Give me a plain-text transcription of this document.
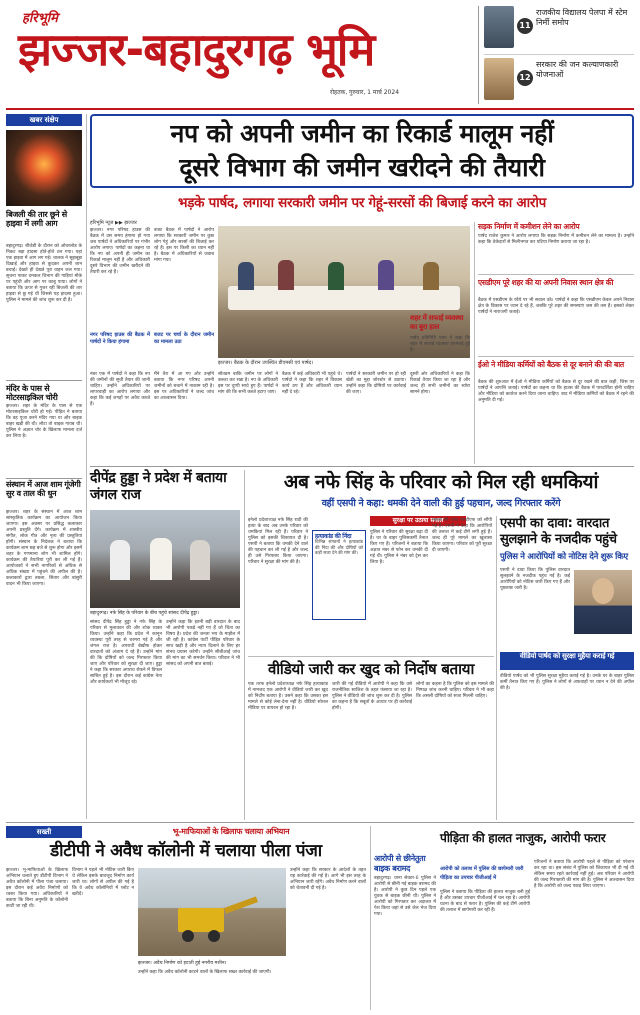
हरिभूमि
झज्जर-बहादुरगढ़ भूमि
रोहतक, गुरुवार, 1 मार्च 2024
11
राजकीय विद्यालय पेलपा में स्टेम निर्मी समोप
12
सरकार की जन कल्याणकारी योजनाओं
खबर संक्षेप
बिजली की तार छूने से हाइवा में लगी आग
बहादुरगढ़। बीजेडी के दौरान को ओवरलोड के निकट बड़ा हादसा होते-होते टल गया। यहां एक हाइवा में आग लग गई। चालक ने सूझबूझ दिखाई और हाइवा से कूदकर अपनी जान बचाई। देखते ही देखते पूरा वाहन जल गया। सूचना पाकर दमकल विभाग की गाड़ियां मौके पर पहुंची और आग पर काबू पाया। लोगों ने बताया कि ऊपर से गुजर रही बिजली की तार हाइवा से छू गई थी जिससे यह हादसा हुआ। पुलिस ने मामले की जांच शुरू कर दी है।
मंदिर के पास से मोटरसाइकिल चोरी
झज्जर। शहर के मंदिर के पास से एक मोटरसाइकिल चोरी हो गई। पीड़ित ने बताया कि वह पूजा करने मंदिर गया था और बाइक बाहर खड़ी की थी। लौटा तो बाइक गायब थी। पुलिस ने अज्ञात चोर के खिलाफ मामला दर्ज कर लिया है।
संस्थान में आज शाम गूंजेगी सुर व ताल की धुन
झज्जर। शहर के संस्थान में आज शाम सांस्कृतिक कार्यक्रम का आयोजन किया जाएगा। इस अवसर पर प्रसिद्ध कलाकार अपनी प्रस्तुति देंगे। कार्यक्रम में शास्त्रीय संगीत, लोक गीत और नृत्य की प्रस्तुतियां होंगी। संस्थान के निदेशक ने बताया कि कार्यक्रम शाम छह बजे से शुरू होगा और इसमें शहर के गणमान्य लोग भी शामिल होंगे। कार्यक्रम की तैयारियां पूरी कर ली गई हैं। आयोजकों ने सभी नागरिकों से अधिक से अधिक संख्या में पहुंचने की अपील की है। कलाकारों द्वारा तबला, सितार और बांसुरी वादन भी किया जाएगा।
नप को अपनी जमीन का रिकार्ड मालूम नहीं
दूसरे विभाग की जमीन खरीदने की तैयारी
भड़के पार्षद, लगाया सरकारी जमीन पर गेहूं-सरसों की बिजाई करने का आरोप
हरिभूमि न्यूज ▶▶ झज्जर
झज्जर। नगर परिषद हाउस की बैठक में उस समय हंगामा हो गया जब पार्षदों ने अधिकारियों पर गंभीर आरोप लगाए। पार्षदों का कहना था कि नप को अपनी ही जमीन का रिकार्ड मालूम नहीं है और अधिकारी दूसरे विभाग की जमीन खरीदने की तैयारी कर रहे हैं।
बजट बैठक में पार्षदों ने आरोप लगाया कि सरकारी जमीन पर कुछ लोग गेहूं और सरसों की बिजाई कर रहे हैं। इस पर किसी का ध्यान नहीं है। बैठक में अधिकारियों से जवाब मांगा गया।
नगर परिषद हाउस की बैठक में पार्षदों ने किया हंगामा
बजट पर चर्चा के दौरान जमीन का मामला उठा
झज्जर। बैठक के दौरान उपस्थित डीएमसी एवं पार्षद।
नंबर एक में पार्षदों ने कहा कि नप की जमीनों की सूची तैयार की जानी चाहिए। उन्होंने अधिकारियों पर लापरवाही का आरोप लगाया और कहा कि कई जगहों पर अवैध कब्जे हैं।
मैंने तैरा में आ गए और उन्होंने बताया कि नगर परिषद अपनी जमीनों को बचाने में नाकाम रही है। इस पर अधिकारियों ने जल्द जांच का आश्वासन दिया।
सौतडम बाकि जमीन पर लोगों ने कब्जा कर रखा है। नप के अधिकारी इस पर चुप्पी साधे हुए हैं। पार्षदों ने मांग की कि सभी कब्जे हटाए जाएं।
बैठक में कई अधिकारी भी पहुंचे थे। पार्षदों ने कहा कि शहर में विकास कार्य ठप हैं और अधिकारी ध्यान नहीं दे रहे।
पार्षदों ने सरकारी जमीन पर हो रही खेती का मुद्दा जोरशोर से उठाया। उन्होंने कहा कि दोषियों पर कार्रवाई की जाए।
दूसरी ओर अधिकारियों ने कहा कि रिकार्ड तैयार किया जा रहा है और जल्द ही सभी जमीनों का ब्योरा सामने होगा।
शहर में सफाई व्यवस्था का बुरा हाल
पार्षद प्रतिनिधि पवन ने कहा कि शहर में सफाई व्यवस्था चरमराई हुई है।
सड़क निर्माण में कमीशन लेने का आरोप
पार्षद राजेश कुमार ने आरोप लगाया कि सड़क निर्माण में कमीशन लेने का मामला है। उन्होंने कहा कि ठेकेदारों से मिलीभगत कर घटिया निर्माण कराया जा रहा है।
एसडीएम पूरे शहर की या अपनी निवास स्थान क्षेत्र की
बैठक में एसडीएम के रवैये पर भी सवाल उठे। पार्षदों ने कहा कि एसडीएम केवल अपने निवास क्षेत्र के विकास पर ध्यान दे रहे हैं, जबकि पूरे शहर की समस्याएं जस की तस हैं। इसको लेकर पार्षदों ने नाराजगी जताई।
ईओ ने मीडिया कर्मियों को बैठक से दूर बनाने की की बात
बैठक की शुरुआत में ईओ ने मीडिया कर्मियों को बैठक से दूर रखने की बात कही, जिस पर पार्षदों ने आपत्ति जताई। पार्षदों का कहना था कि हाउस की बैठक में पारदर्शिता होनी चाहिए और मीडिया को कवरेज करने दिया जाना चाहिए। बाद में मीडिया कर्मियों को बैठक में रहने की अनुमति दी गई।
दीपेंद्र हुड्डा ने प्रदेश में बताया जंगल राज
बहादुरगढ़। नफे सिंह के परिवार के बीच पहुंचे सांसद दीपेंद्र हुड्डा।
सांसद दीपेंद्र सिंह हुड्डा ने नफे सिंह के परिवार से मुलाकात की और शोक व्यक्त किया। उन्होंने कहा कि प्रदेश में कानून व्यवस्था पूरी तरह से चरमरा गई है और जंगल राज है। अपराधी बेखौफ होकर वारदातों को अंजाम दे रहे हैं। उन्होंने मांग की कि दोषियों को जल्द गिरफ्तार किया जाए और परिवार को सुरक्षा दी जाए। हुड्डा ने कहा कि सरकार अपराध रोकने में विफल साबित हुई है। इस दौरान कई कांग्रेस नेता और कार्यकर्ता भी मौजूद रहे।
उन्होंने कहा कि इतनी बड़ी वारदात के बाद भी आरोपी पकड़े नहीं गए हैं जो चिंता का विषय है। प्रदेश की जनता भय के माहौल में जी रही है। कांग्रेस पार्टी पीड़ित परिवार के साथ खड़ी है और न्याय दिलाने के लिए हर संभव प्रयास करेगी। उन्होंने सीबीआई जांच की मांग का भी समर्थन किया। परिवार ने भी सांसद को अपनी बात बताई।
अब नफे सिंह के परिवार को मिल रही धमकियां
वहीं एसपी ने कहा: धमकी देने वाली की हुई पहचान, जल्द गिरफ्तार करेंगे
सुरक्षा पर उठाया सवाल
इनेलो प्रदेशाध्यक्ष नफे सिंह राठी की हत्या के बाद अब उनके परिवार को धमकियां मिल रही हैं। परिवार ने पुलिस को इसकी शिकायत दी है। एसपी ने बताया कि धमकी देने वाले की पहचान कर ली गई है और जल्द ही उसे गिरफ्तार किया जाएगा। परिवार ने सुरक्षा की मांग की है।
हत्याकांड की निंदा
विभिन्न संगठनों ने हत्याकांड की निंदा की और दोषियों को कड़ी सजा देने की मांग की।
पुलिस ने परिवार की सुरक्षा बढ़ा दी है। घर के बाहर पुलिसकर्मी तैनात किए गए हैं। परिजनों ने बताया कि अज्ञात नंबर से फोन कर धमकी दी गई थी। पुलिस ने नंबर को ट्रेस कर लिया है।
मामले की जांच एसटीएफ को सौंपी गई है। एसपी ने कहा कि आरोपियों की तलाश में कई टीमें लगी हुई हैं। जल्द ही पूरे मामले का खुलासा किया जाएगा। परिवार को पूरी सुरक्षा दी जाएगी।
एसपी का दावा: वारदात सुलझाने के नजदीक पहुंचे
पुलिस ने आरोपियों को नोटिस देने शुरू किए
एसपी ने दावा किया कि पुलिस वारदात सुलझाने के नजदीक पहुंच गई है। कई आरोपियों को नोटिस जारी किए गए हैं और पूछताछ जारी है।
वीडियो पार्षद को सुरक्षा मुहैया कराई गई
वीडियो पार्षद को भी पुलिस सुरक्षा मुहैया कराई गई है। उनके घर के बाहर पुलिस कर्मी तैनात किए गए हैं। पुलिस ने लोगों से अफवाहों पर ध्यान न देने की अपील की है।
वीडियो जारी कर खुद को निर्दोष बताया
एक तरफ इनेलो प्रदेशाध्यक्ष नफे सिंह हत्याकांड में नामजद एक आरोपी ने वीडियो जारी कर खुद को निर्दोष बताया है। उसने कहा कि उसका इस मामले से कोई लेना-देना नहीं है। वीडियो सोशल मीडिया पर वायरल हो रहा है।
जारी की गई वीडियो में आरोपी ने कहा कि उसे राजनीतिक साजिश के तहत फंसाया जा रहा है। पुलिस ने वीडियो की जांच शुरू कर दी है। पुलिस का कहना है कि सबूतों के आधार पर ही कार्रवाई होगी।
लोगों का कहना है कि पुलिस को इस मामले की निष्पक्ष जांच करनी चाहिए। परिवार ने भी कहा कि असली दोषियों को सजा मिलनी चाहिए।
सख्ती	भू-माफियाओं के खिलाफ चलाया अभियान
डीटीपी ने अवैध कॉलोनी में चलाया पीला पंजा
झज्जर। भू-माफियाओं के खिलाफ अभियान चलाते हुए डीटीपी विभाग ने अवैध कॉलोनी में पीला पंजा चलाया। इस दौरान कई अवैध निर्माणों को ध्वस्त किया गया। अधिकारियों ने बताया कि बिना अनुमति के कॉलोनी काटी जा रही थी।
विभाग ने पहले भी नोटिस जारी किए थे लेकिन इसके बावजूद निर्माण कार्य जारी था। लोगों से अपील की गई है कि वे अवैध कॉलोनियों में प्लॉट न खरीदें।
झज्जर। अवैध निर्माण को हटाती हुई नगरीय मशीन।
उन्होंने कहा कि अवैध कॉलोनी काटने वालों के खिलाफ सख्त कार्रवाई की जाएगी।
उन्होंने कहा कि सरकार के आदेशों के तहत यह कार्रवाई की गई है। आगे भी इस तरह के अभियान जारी रहेंगे। अवैध निर्माण करने वालों को चेतावनी दी गई है।
आरोपी से छीनेतुता बाइक बरामद
बहादुरगढ़। थाना सेक्टर-6 पुलिस ने आरोपी से छीनी गई बाइक बरामद की है। आरोपी ने कुछ दिन पहले एक युवक से बाइक छीनी थी। पुलिस ने आरोपी को गिरफ्तार कर अदालत में पेश किया जहां से उसे जेल भेज दिया गया।
पीड़िता की हालत नाजुक, आरोपी फरार
आरोपी को तलाश में पुलिस की छापेमारी जारी
पीड़िता का उपचार पीजीआई में
पुलिस ने बताया कि पीड़िता की हालत नाजुक बनी हुई है और उसका उपचार पीजीआई में चल रहा है। आरोपी घटना के बाद से फरार है। पुलिस की कई टीमें आरोपी की तलाश में छापेमारी कर रही हैं।
परिजनों ने बताया कि आरोपी पहले से पीड़िता को परेशान कर रहा था। इस संबंध में पुलिस को शिकायत भी दी गई थी लेकिन समय रहते कार्रवाई नहीं हुई। अब परिवार ने आरोपी की जल्द गिरफ्तारी की मांग की है। पुलिस ने आश्वासन दिया है कि आरोपी को जल्द पकड़ लिया जाएगा।
